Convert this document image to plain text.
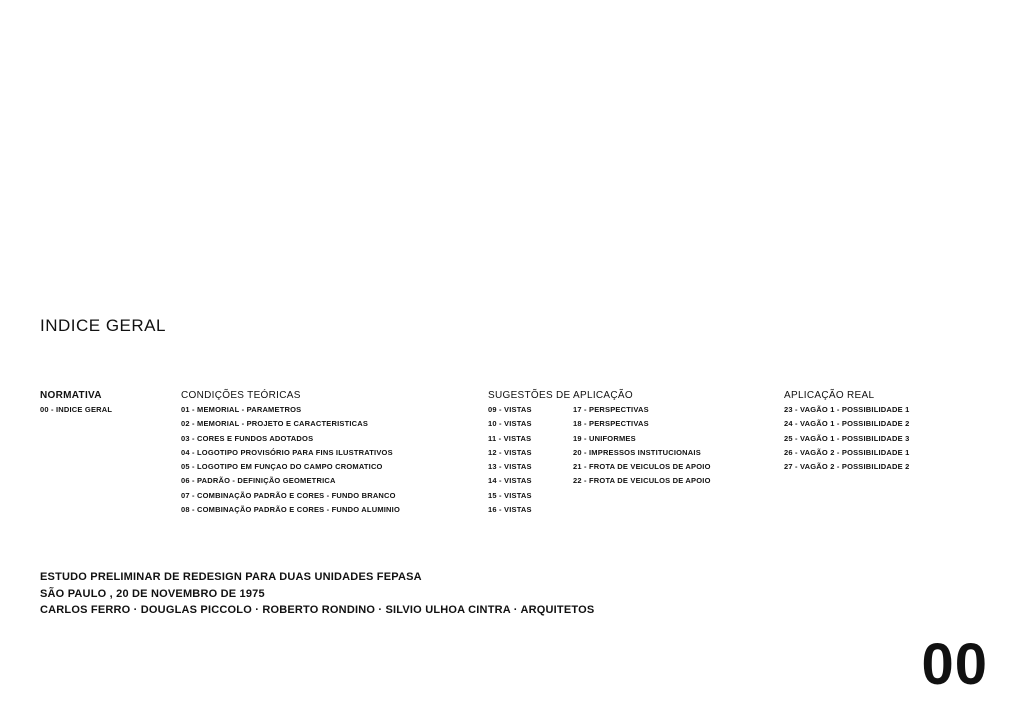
INDICE GERAL
NORMATIVA
00 - INDICE GERAL
CONDIÇÕES TEÓRICAS
01 - MEMORIAL - PARAMETROS
02 - MEMORIAL - PROJETO E CARACTERISTICAS
03 - CORES E FUNDOS ADOTADOS
04 - LOGOTIPO PROVISÓRIO PARA FINS ILUSTRATIVOS
05 - LOGOTIPO EM FUNÇAO DO CAMPO CROMATICO
06 - PADRÃO - DEFINIÇÃO GEOMETRICA
07 - COMBINAÇÃO PADRÃO E CORES - FUNDO BRANCO
08 - COMBINAÇÃO PADRÃO E CORES - FUNDO ALUMINIO
SUGESTÕES DE APLICAÇÃO
09 - VISTAS
10 - VISTAS
11 - VISTAS
12 - VISTAS
13 - VISTAS
14 - VISTAS
15 - VISTAS
16 - VISTAS
17 - PERSPECTIVAS
18 - PERSPECTIVAS
19 - UNIFORMES
20 - IMPRESSOS INSTITUCIONAIS
21 - FROTA DE VEICULOS DE APOIO
22 - FROTA DE VEICULOS DE APOIO
APLICAÇÃO REAL
23 - VAGÃO 1 - POSSIBILIDADE 1
24 - VAGÃO 1 - POSSIBILIDADE 2
25 - VAGÃO 1 - POSSIBILIDADE 3
26 - VAGÃO 2 - POSSIBILIDADE 1
27 - VAGÃO 2 - POSSIBILIDADE 2
ESTUDO PRELIMINAR DE REDESIGN PARA DUAS UNIDADES FEPASA
SÃO PAULO , 20 DE NOVEMBRO DE 1975
CARLOS FERRO · DOUGLAS PICCOLO · ROBERTO RONDINO · SILVIO ULHOA CINTRA · ARQUITETOS
00
